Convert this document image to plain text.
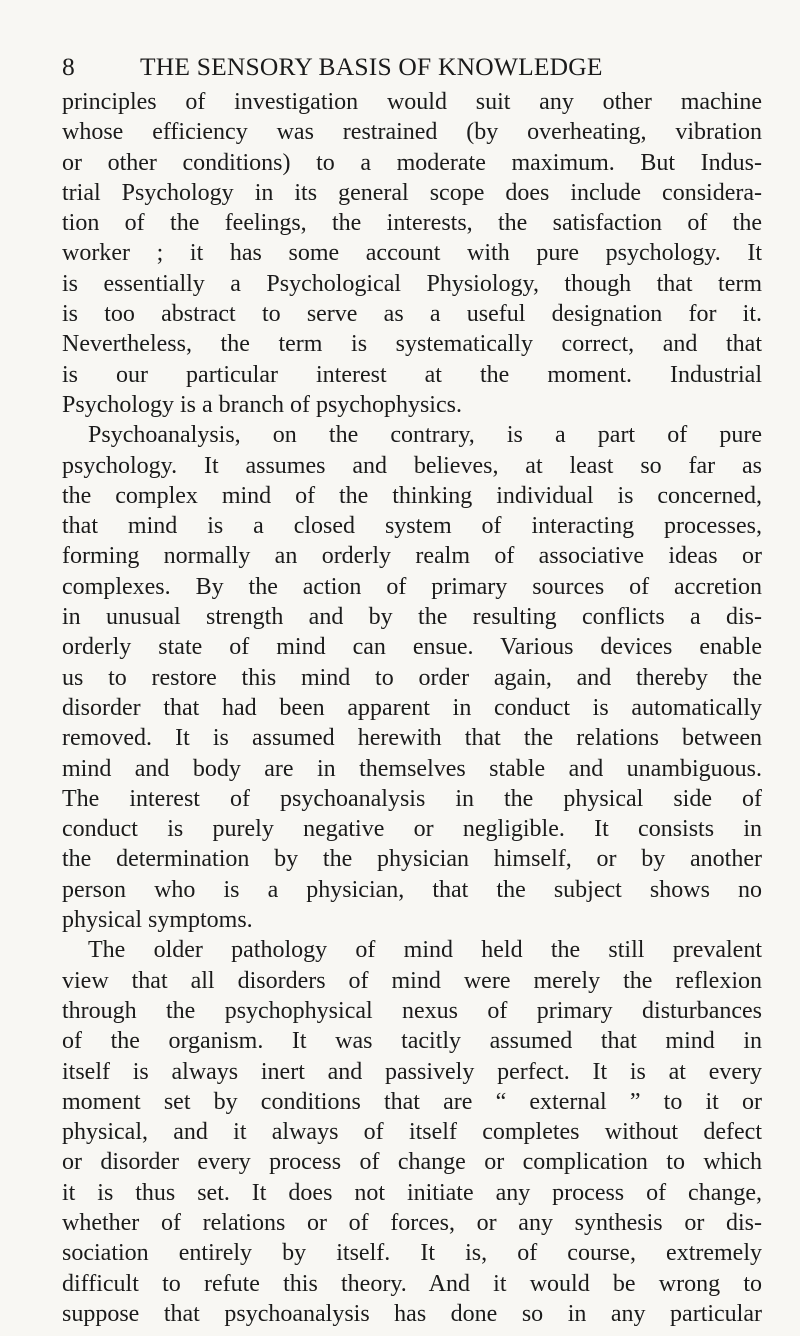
8	THE SENSORY BASIS OF KNOWLEDGE
principles of investigation would suit any other machine
whose efficiency was restrained (by overheating, vibration
or other conditions) to a moderate maximum. But Indus-
trial Psychology in its general scope does include considera-
tion of the feelings, the interests, the satisfaction of the
worker ; it has some account with pure psychology. It
is essentially a Psychological Physiology, though that term
is too abstract to serve as a useful designation for it.
Nevertheless, the term is systematically correct, and that
is our particular interest at the moment. Industrial
Psychology is a branch of psychophysics.
Psychoanalysis, on the contrary, is a part of pure
psychology. It assumes and believes, at least so far as
the complex mind of the thinking individual is concerned,
that mind is a closed system of interacting processes,
forming normally an orderly realm of associative ideas or
complexes. By the action of primary sources of accretion
in unusual strength and by the resulting conflicts a dis-
orderly state of mind can ensue. Various devices enable
us to restore this mind to order again, and thereby the
disorder that had been apparent in conduct is automatically
removed. It is assumed herewith that the relations between
mind and body are in themselves stable and unambiguous.
The interest of psychoanalysis in the physical side of
conduct is purely negative or negligible. It consists in
the determination by the physician himself, or by another
person who is a physician, that the subject shows no
physical symptoms.
The older pathology of mind held the still prevalent
view that all disorders of mind were merely the reflexion
through the psychophysical nexus of primary disturbances
of the organism. It was tacitly assumed that mind in
itself is always inert and passively perfect. It is at every
moment set by conditions that are “ external ” to it or
physical, and it always of itself completes without defect
or disorder every process of change or complication to which
it is thus set. It does not initiate any process of change,
whether of relations or of forces, or any synthesis or dis-
sociation entirely by itself. It is, of course, extremely
difficult to refute this theory. And it would be wrong to
suppose that psychoanalysis has done so in any particular
